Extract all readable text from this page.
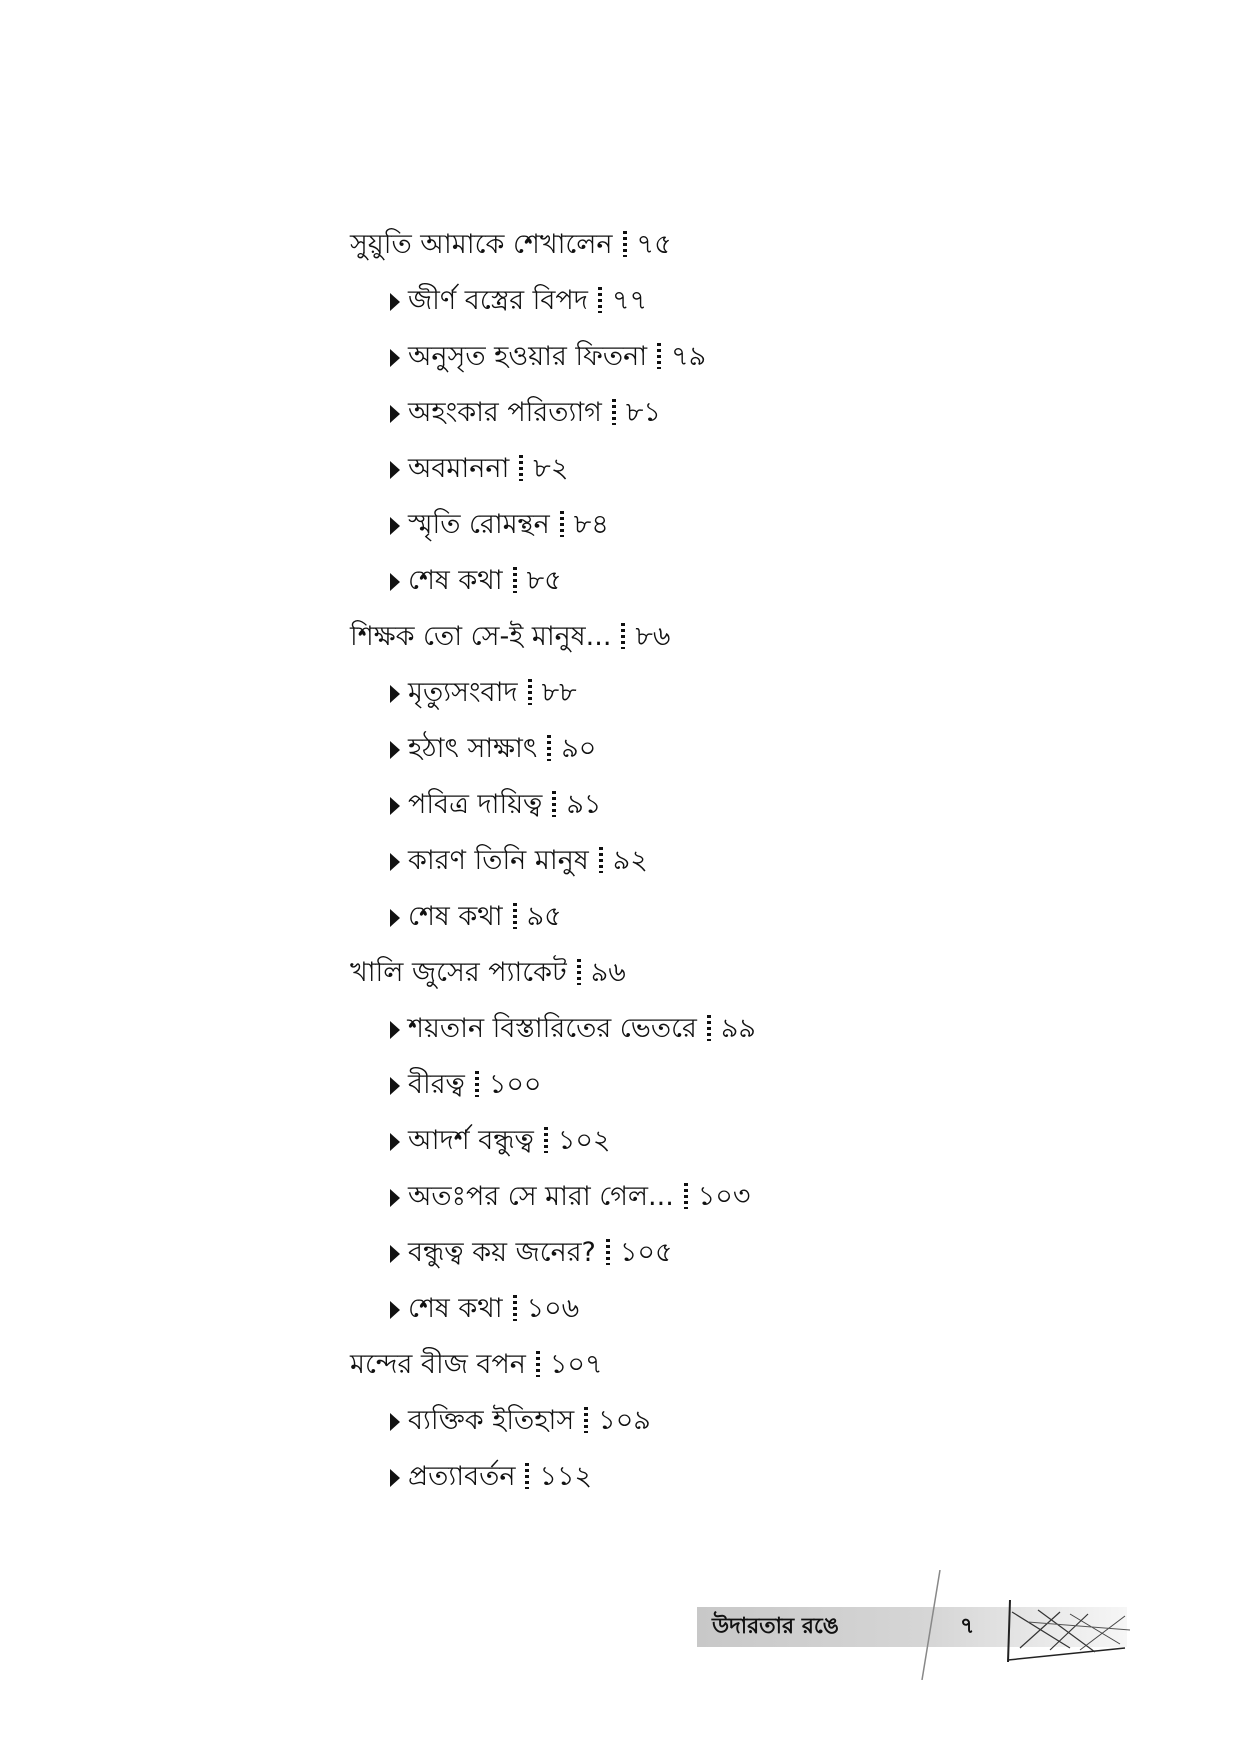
সুয়ুতি আমাকে শেখালেন ৭৫
জীর্ণ বস্ত্রের বিপদ ৭৭
অনুসৃত হওয়ার ফিতনা ৭৯
অহংকার পরিত্যাগ ৮১
অবমাননা ৮২
স্মৃতি রোমন্থন ৮৪
শেষ কথা ৮৫
শিক্ষক তো সে-ই মানুষ... ৮৬
মৃত্যুসংবাদ ৮৮
হঠাৎ সাক্ষাৎ ৯০
পবিত্র দায়িত্ব ৯১
কারণ তিনি মানুষ ৯২
শেষ কথা ৯৫
খালি জুসের প্যাকেট ৯৬
শয়তান বিস্তারিতের ভেতরে ৯৯
বীরত্ব ১০০
আদর্শ বন্ধুত্ব ১০২
অতঃপর সে মারা গেল... ১০৩
বন্ধুত্ব কয় জনের? ১০৫
শেষ কথা ১০৬
মন্দের বীজ বপন ১০৭
ব্যক্তিক ইতিহাস ১০৯
প্রত্যাবর্তন ১১২
উদারতার রঙে	৭
